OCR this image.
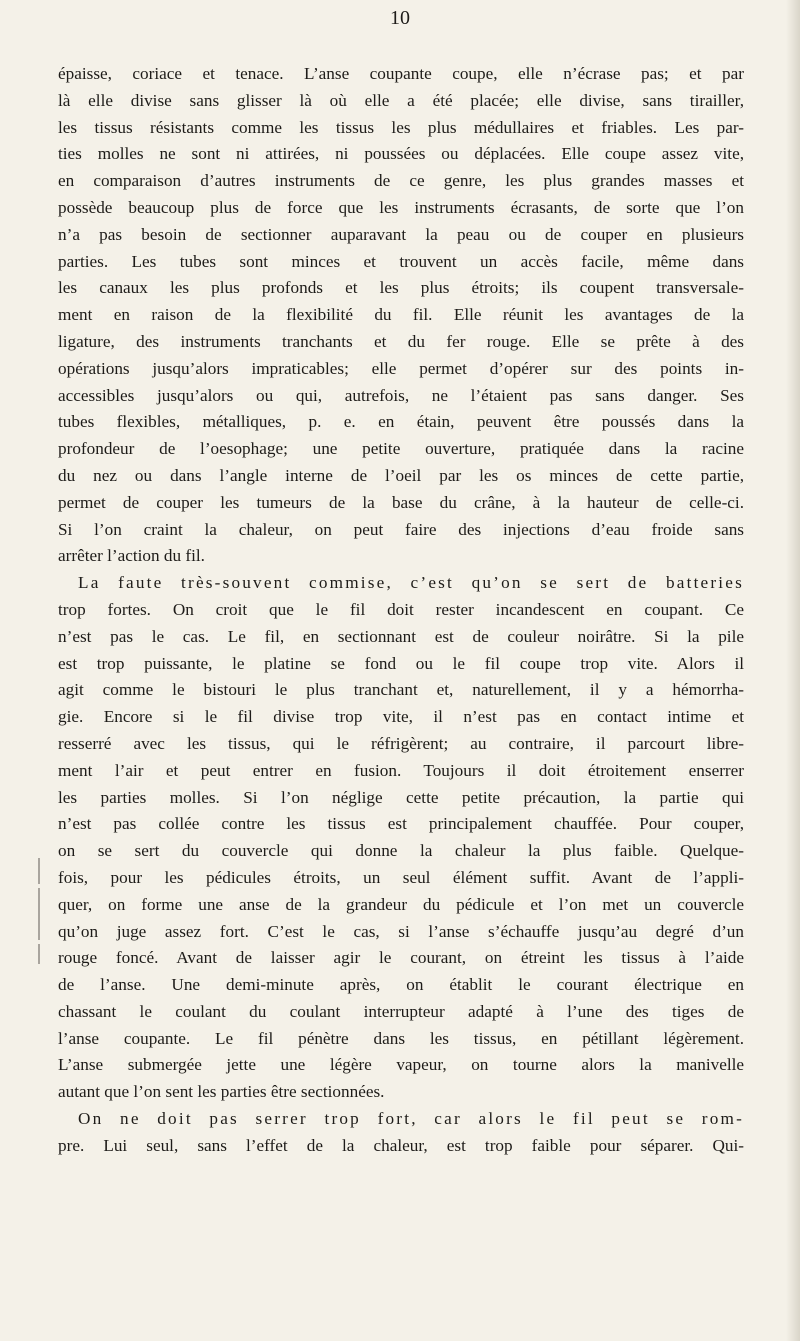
10
épaisse, coriace et tenace. L’anse coupante coupe, elle n’écrase pas; et par
là elle divise sans glisser là où elle a été placée; elle divise, sans tirailler,
les tissus résistants comme les tissus les plus médullaires et friables. Les par-
ties molles ne sont ni attirées, ni poussées ou déplacées. Elle coupe assez vite,
en comparaison d’autres instruments de ce genre, les plus grandes masses et
possède beaucoup plus de force que les instruments écrasants, de sorte que l’on
n’a pas besoin de sectionner auparavant la peau ou de couper en plusieurs
parties. Les tubes sont minces et trouvent un accès facile, même dans
les canaux les plus profonds et les plus étroits; ils coupent transversale-
ment en raison de la flexibilité du fil. Elle réunit les avantages de la
ligature, des instruments tranchants et du fer rouge. Elle se prête à des
opérations jusqu’alors impraticables; elle permet d’opérer sur des points in-
accessibles jusqu’alors ou qui, autrefois, ne l’étaient pas sans danger. Ses
tubes flexibles, métalliques, p. e. en étain, peuvent être poussés dans la
profondeur de l’oesophage; une petite ouverture, pratiquée dans la racine
du nez ou dans l’angle interne de l’oeil par les os minces de cette partie,
permet de couper les tumeurs de la base du crâne, à la hauteur de celle-ci.
Si l’on craint la chaleur, on peut faire des injections d’eau froide sans
arrêter l’action du fil.
La faute très-souvent commise, c’est qu’on se sert de batteries
trop fortes. On croit que le fil doit rester incandescent en coupant. Ce
n’est pas le cas. Le fil, en sectionnant est de couleur noirâtre. Si la pile
est trop puissante, le platine se fond ou le fil coupe trop vite. Alors il
agit comme le bistouri le plus tranchant et, naturellement, il y a hémorrha-
gie. Encore si le fil divise trop vite, il n’est pas en contact intime et
resserré avec les tissus, qui le réfrigèrent; au contraire, il parcourt libre-
ment l’air et peut entrer en fusion. Toujours il doit étroitement enserrer
les parties molles. Si l’on néglige cette petite précaution, la partie qui
n’est pas collée contre les tissus est principalement chauffée. Pour couper,
on se sert du couvercle qui donne la chaleur la plus faible. Quelque-
fois, pour les pédicules étroits, un seul élément suffit. Avant de l’appli-
quer, on forme une anse de la grandeur du pédicule et l’on met un couvercle
qu’on juge assez fort. C’est le cas, si l’anse s’échauffe jusqu’au degré d’un
rouge foncé. Avant de laisser agir le courant, on étreint les tissus à l’aide
de l’anse. Une demi-minute après, on établit le courant électrique en
chassant le coulant du coulant interrupteur adapté à l’une des tiges de
l’anse coupante. Le fil pénètre dans les tissus, en pétillant légèrement.
L’anse submergée jette une légère vapeur, on tourne alors la manivelle
autant que l’on sent les parties être sectionnées.
On ne doit pas serrer trop fort, car alors le fil peut se rom-
pre. Lui seul, sans l’effet de la chaleur, est trop faible pour séparer. Qui-
